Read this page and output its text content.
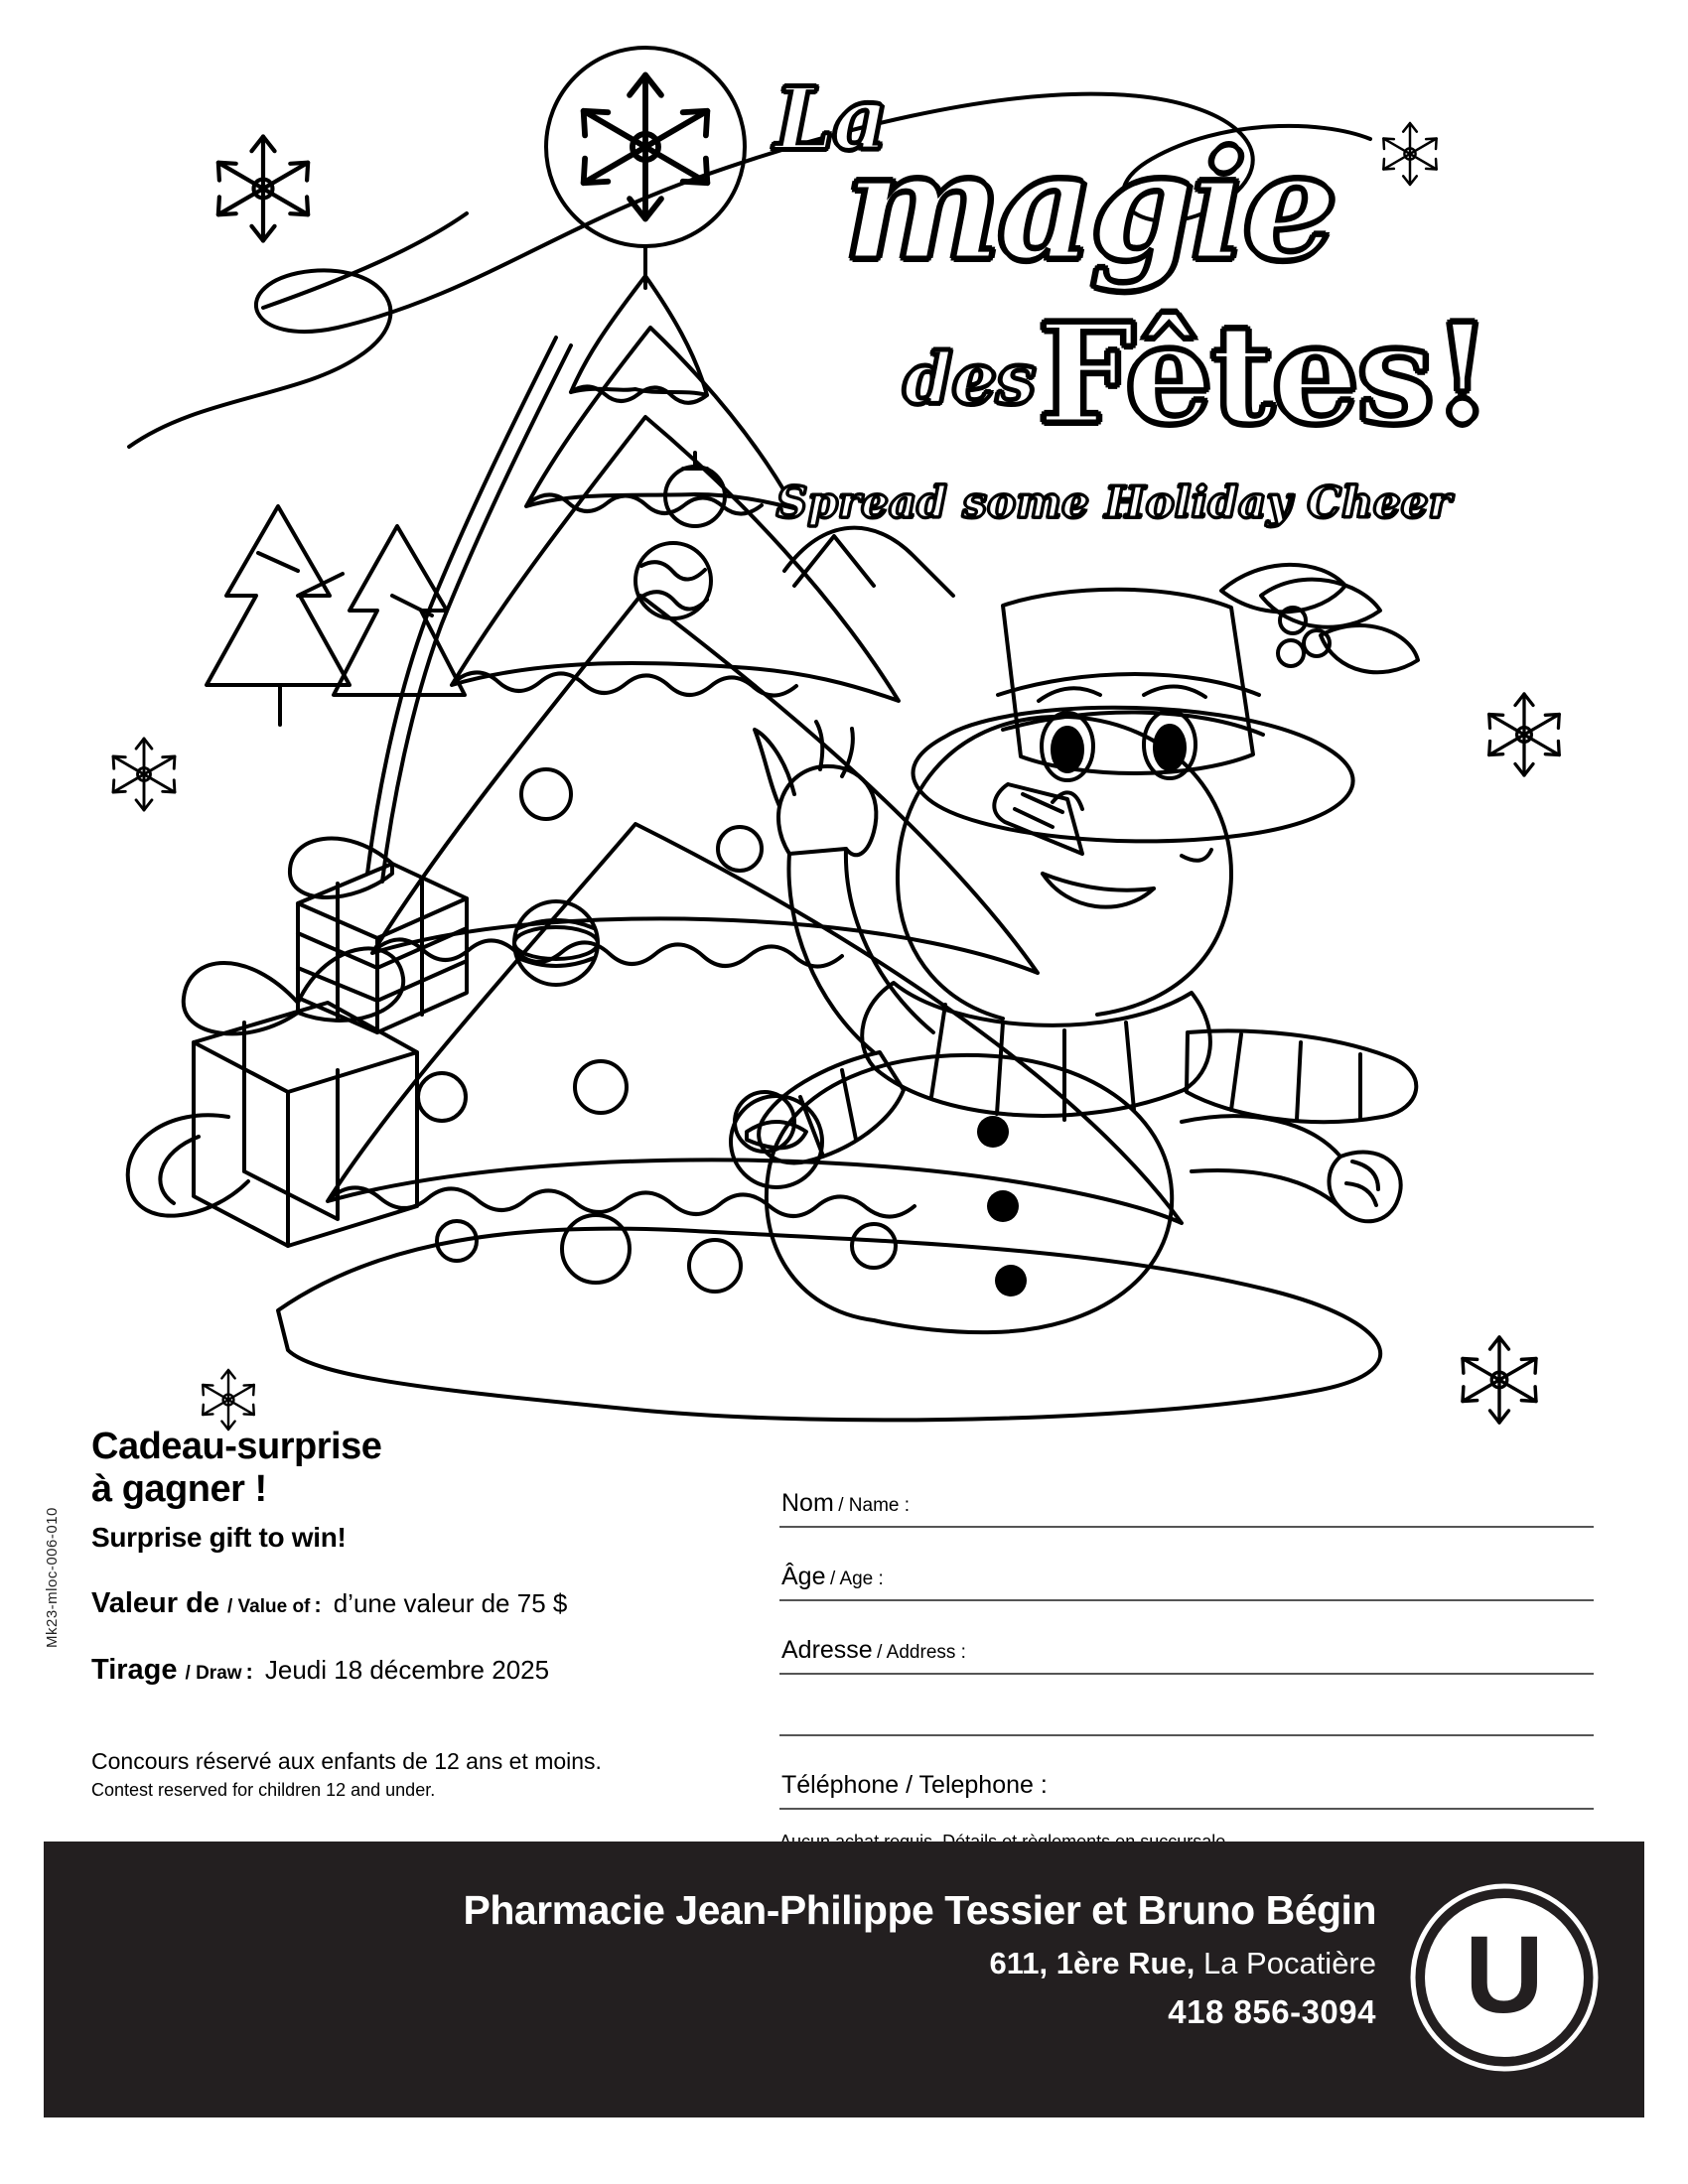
La
magie
des Fêtes!
Spread some Holiday Cheer
Cadeau-surprise
à gagner !
Surprise gift to win!
Valeur de / Value of : d’une valeur de 75 $
Tirage / Draw : Jeudi 18 décembre 2025
Concours réservé aux enfants de 12 ans et moins.
Contest reserved for children 12 and under.
Mk23-mloc-006-010
Nom / Name :
Âge / Age :
Adresse / Address :
Téléphone / Telephone :
Pharmacie Jean-Philippe Tessier et Bruno Bégin
611, 1ère Rue, La Pocatière
418 856-3094 U
